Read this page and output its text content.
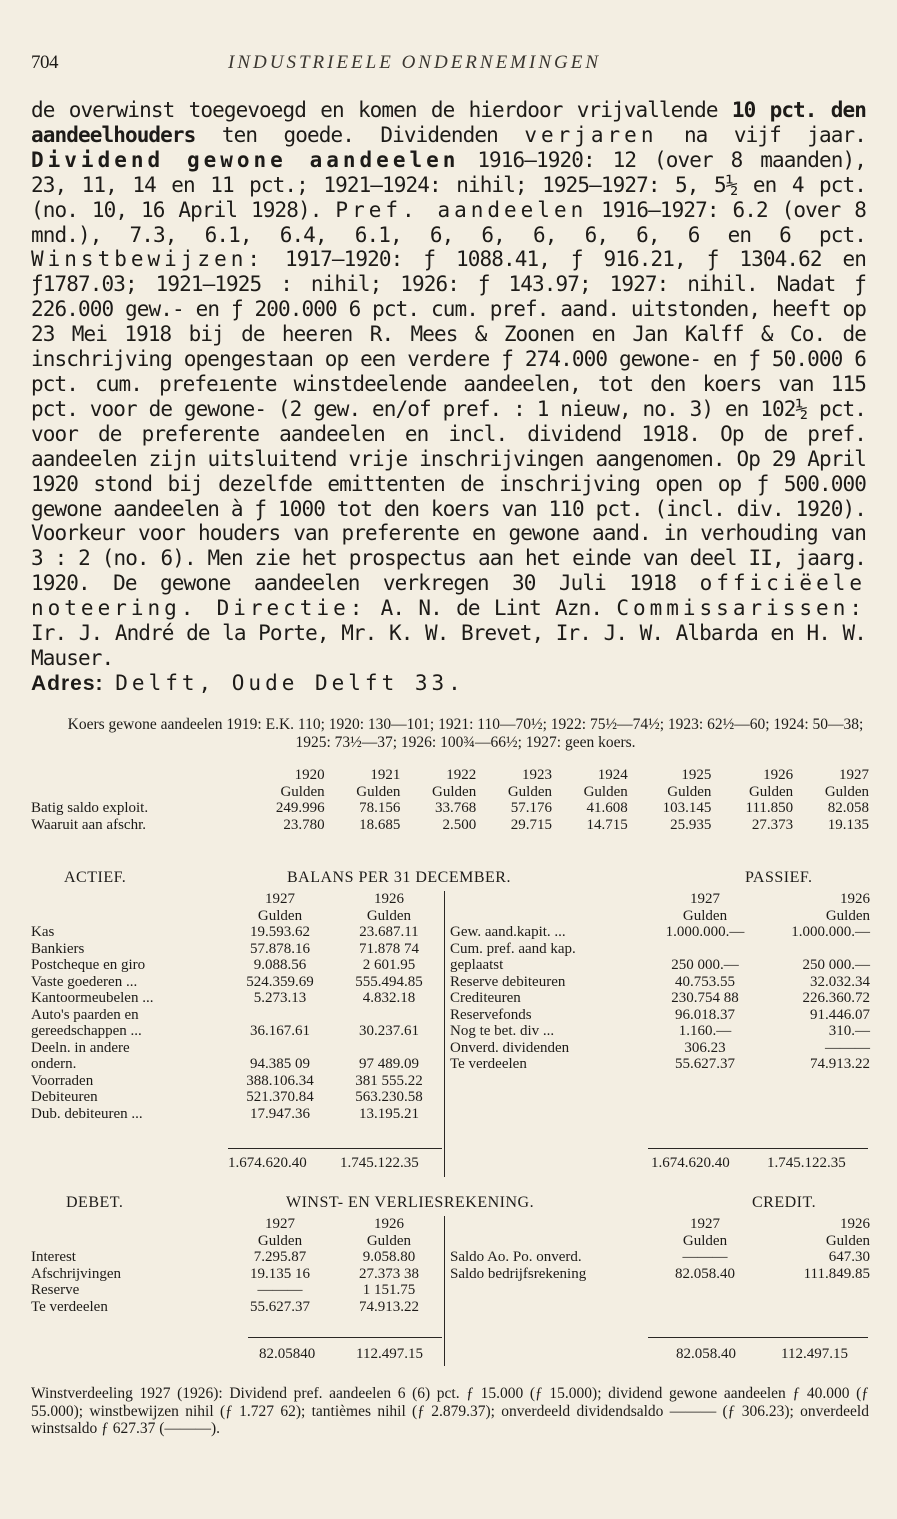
704	INDUSTRIEELE ONDERNEMINGEN
de overwinst toegevoegd en komen de hierdoor vrijvallende 10 pct. den aandeelhouders ten goede. Dividenden verjaren na vijf jaar. Dividend gewone aandeelen 1916—1920: 12 (over 8 maanden), 23, 11, 14 en 11 pct.; 1921—1924: nihil; 1925—1927: 5, 5½ en 4 pct. (no. 10, 16 April 1928). Pref. aandeelen 1916—1927: 6.2 (over 8 mnd.), 7.3, 6.1, 6.4, 6.1, 6, 6, 6, 6, 6, 6 en 6 pct. Winstbewijzen: 1917—1920: ƒ 1088.41, ƒ 916.21, ƒ 1304.62 en ƒ1787.03; 1921—1925 : nihil; 1926: ƒ 143.97; 1927: nihil. Nadat ƒ 226.000 gew.- en ƒ 200.000 6 pct. cum. pref. aand. uitstonden, heeft op 23 Mei 1918 bij de heeren R. Mees & Zoonen en Jan Kalff & Co. de inschrijving opengestaan op een verdere ƒ 274.000 gewone- en ƒ 50.000 6 pct. cum. prefeıente winstdeelende aandeelen, tot den koers van 115 pct. voor de gewone- (2 gew. en/of pref. : 1 nieuw, no. 3) en 102½ pct. voor de preferente aandeelen en incl. dividend 1918. Op de pref. aandeelen zijn uitsluitend vrije inschrijvingen aangenomen. Op 29 April 1920 stond bij dezelfde emittenten de inschrijving open op ƒ 500.000 gewone aandeelen à ƒ 1000 tot den koers van 110 pct. (incl. div. 1920). Voorkeur voor houders van preferente en gewone aand. in verhouding van 3 : 2 (no. 6). Men zie het prospectus aan het einde van deel II, jaarg. 1920. De gewone aandeelen verkregen 30 Juli 1918 officiëele noteering. Directie: A. N. de Lint Azn. Commissarissen: Ir. J. André de la Porte, Mr. K. W. Brevet, Ir. J. W. Albarda en H. W. Mauser.
Adres: Delft, Oude Delft 33.
Koers gewone aandeelen 1919: E.K. 110; 1920: 130—101; 1921: 110—70½; 1922: 75½—74½; 1923: 62½—60; 1924: 50—38; 1925: 73½—37; 1926: 100¾—66½; 1927: geen koers.
	1920	1921	1922	1923	1924	1925	1926	1927
	Gulden	Gulden	Gulden	Gulden	Gulden	Gulden	Gulden	Gulden
Batig saldo exploit.	249.996	78.156	33.768	57.176	41.608	103.145	111.850	82.058
Waaruit aan afschr.	23.780	18.685	2.500	29.715	14.715	25.935	27.373	19.135
ACTIEF.	BALANS PER 31 DECEMBER.	PASSIEF.
	1927	1926
	Gulden	Gulden
Kas	19.593.62	23.687.11
Bankiers	57.878.16	71.878 74
Postcheque en giro	9.088.56	2 601.95
Vaste goederen ...	524.359.69	555.494.85
Kantoormeubelen ...	5.273.13	4.832.18
Auto's paarden en		
gereedschappen ...	36.167.61	30.237.61
Deeln. in andere		
ondern.	94.385 09	97 489.09
Voorraden	388.106.34	381 555.22
Debiteuren	521.370.84	563.230.58
Dub. debiteuren ...	17.947.36	13.195.21
	1927	1926
	Gulden	Gulden
Gew. aand.kapit. ...	1.000.000.—	1.000.000.—
Cum. pref. aand kap.		
geplaatst	250 000.—	250 000.—
Reserve debiteuren	40.753.55	32.032.34
Crediteuren	230.754 88	226.360.72
Reservefonds	96.018.37	91.446.07
Nog te bet. div ...	1.160.—	310.—
Onverd. dividenden	306.23	———
Te verdeelen	55.627.37	74.913.22
1.674.620.40 1.745.122.35	1.674.620.40 1.745.122.35
DEBET.	WINST- EN VERLIESREKENING.	CREDIT.
	1927	1926
	Gulden	Gulden
Interest	7.295.87	9.058.80
Afschrijvingen	19.135 16	27.373 38
Reserve	———	1 151.75
Te verdeelen	55.627.37	74.913.22
	1927	1926
	Gulden	Gulden
Saldo Ao. Po. onverd.	———	647.30
Saldo bedrijfsrekening	82.058.40	111.849.85
82.05840	112.497.15	82.058.40	112.497.15
Winstverdeeling 1927 (1926): Dividend pref. aandeelen 6 (6) pct. ƒ 15.000 (ƒ 15.000); dividend gewone aandeelen ƒ 40.000 (ƒ 55.000); winstbewijzen nihil (ƒ 1.727 62); tantièmes nihil (ƒ 2.879.37); onverdeeld dividendsaldo ——— (ƒ 306.23); onverdeeld winstsaldo ƒ 627.37 (———).
